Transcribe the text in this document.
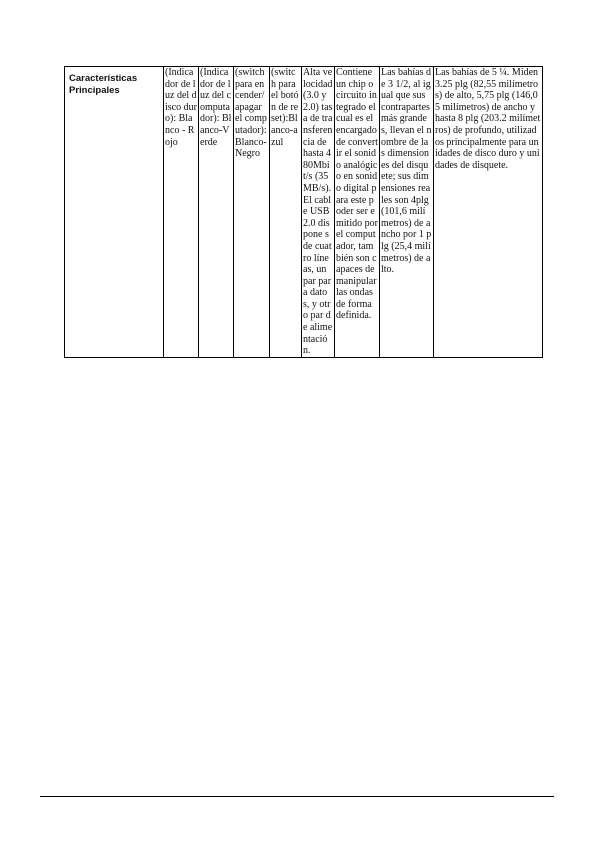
Características Principales	(Indicador de luz del disco duro): Blanco - Rojo	(Indicador de luz del computador): Blanco-Verde	(switch para encender/apagar el computador): Blanco-Negro	(switch para el botón de reset):Blanco-azul	Alta velocidad(3.0 y 2.0) tasa de transferencia de hasta 480Mbit/s (35MB/s). El cable USB 2.0 dispone s de cuatro líneas, un par para datos, y otro par de alimentación.	Contiene un chip o circuito integrado el cual es el encargado de convertir el sonido analógico en sonido digital para este poder ser emitido por el computador, también son capaces de manipular las ondas de forma definida.	Las bahías de 3 1/2, al igual que sus contrapartes más grandes, llevan el nombre de las dimensiones del disquete; sus dimensiones reales son 4plg (101,6 milímetros) de ancho por 1 plg (25,4 milímetros) de alto.	Las bahías de 5 ¼. Miden 3.25 plg (82,55 milímetros) de alto, 5,75 plg (146,05 milímetros) de ancho y hasta 8 plg (203.2 milímetros) de profundo, utilizados principalmente para unidades de disco duro y unidades de disquete.
